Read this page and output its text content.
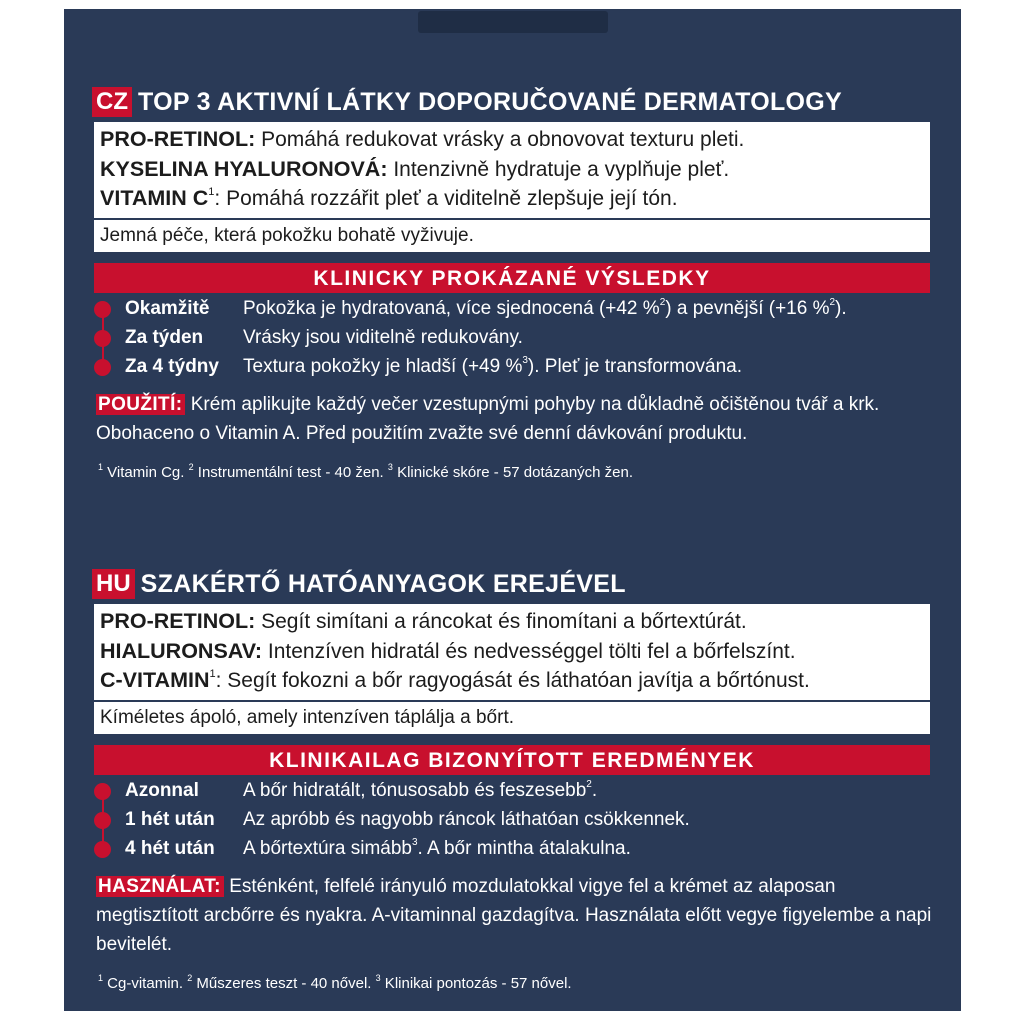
CZ TOP 3 AKTIVNÍ LÁTKY DOPORUČOVANÉ DERMATOLOGY
PRO-RETINOL: Pomáhá redukovat vrásky a obnovovat texturu pleti.
KYSELINA HYALURONOVÁ: Intenzivně hydratuje a vyplňuje pleť.
VITAMIN $C^1$: Pomáhá rozzářit pleť a viditelně zlepšuje její tón.
Jemná péče, která pokožku bohatě vyživuje.
KLINICKY PROKÁZANÉ VÝSLEDKY
Okamžitě	Pokožka je hydratovaná, více sjednocená (+42 %$^2$) a pevnější (+16 %$^2$).
Za týden	Vrásky jsou viditelně redukovány.
Za 4 týdny	Textura pokožky je hladší (+49 %$^3$). Pleť je transformována.
POUŽITÍ: Krém aplikujte každý večer vzestupnými pohyby na důkladně očištěnou tvář a krk. Obohaceno o Vitamin A. Před použitím zvažte své denní dávkování produktu.
$^1$ Vitamin Cg. $^2$ Instrumentální test - 40 žen. $^3$ Klinické skóre - 57 dotázaných žen.
HU SZAKÉRTŐ HATÓANYAGOK EREJÉVEL
PRO-RETINOL: Segít simítani a ráncokat és finomítani a bőrtextúrát.
HIALURONSAV: Intenzíven hidratál és nedvességgel tölti fel a bőrfelszínt.
C-VITAMIN$^1$: Segít fokozni a bőr ragyogását és láthatóan javítja a bőrtónust.
Kíméletes ápoló, amely intenzíven táplálja a bőrt.
KLINIKAILAG BIZONYÍTOTT EREDMÉNYEK
Azonnal	A bőr hidratált, tónusosabb és feszesebb$^2$.
1 hét után	Az apróbb és nagyobb ráncok láthatóan csökkennek.
4 hét után	A bőrtextúra simább$^3$. A bőr mintha átalakulna.
HASZNÁLAT: Esténként, felfelé irányuló mozdulatokkal vigye fel a krémet az alaposan megtisztított arcbőrre és nyakra. A-vitaminnal gazdagítva. Használata előtt vegye figyelembe a napi bevitelét.
$^1$ Cg-vitamin. $^2$ Műszeres teszt - 40 nővel. $^3$ Klinikai pontozás - 57 nővel.
